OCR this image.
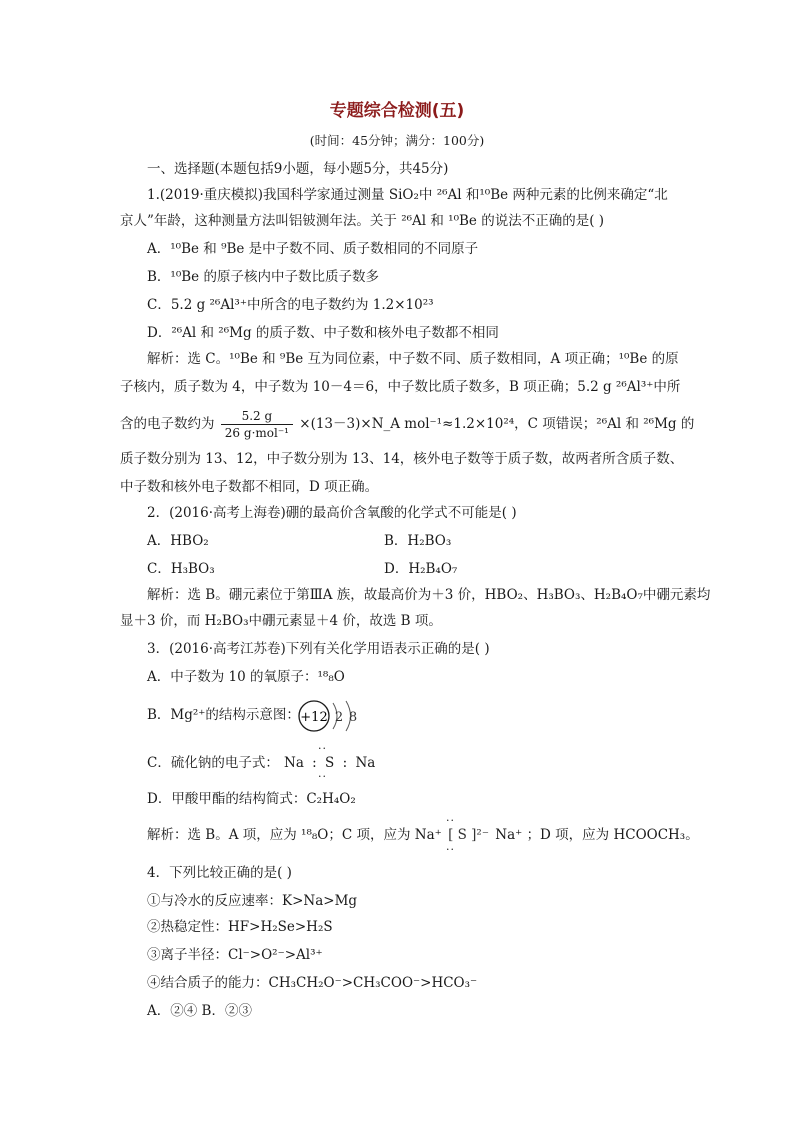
专题综合检测(五)
(时间：45分钟；满分：100分)
一、选择题(本题包括9小题，每小题5分，共45分)
1.(2019·重庆模拟)我国科学家通过测量 SiO₂中 ²⁶Al 和¹⁰Be 两种元素的比例来确定“北
京人”年龄，这种测量方法叫铝铍测年法。关于 ²⁶Al 和 ¹⁰Be 的说法不正确的是( )
A．¹⁰Be 和 ⁹Be 是中子数不同、质子数相同的不同原子
B．¹⁰Be 的原子核内中子数比质子数多
C．5.2 g ²⁶Al³⁺中所含的电子数约为 1.2×10²³
D．²⁶Al 和 ²⁶Mg 的质子数、中子数和核外电子数都不相同
解析：选 C。¹⁰Be 和 ⁹Be 互为同位素，中子数不同、质子数相同，A 项正确；¹⁰Be 的原
子核内，质子数为 4，中子数为 10－4＝6，中子数比质子数多，B 项正确；5.2 g ²⁶Al³⁺中所
含的电子数约为 $\frac{5.2 g}{\text{26 g·mol⁻¹}}$ ×(13－3)×N_A mol⁻¹≈1.2×10²⁴，C 项错误；²⁶Al 和 ²⁶Mg 的
质子数分别为 13、12，中子数分别为 13、14，核外电子数等于质子数，故两者所含质子数、
中子数和核外电子数都不相同，D 项正确。
2．(2016·高考上海卷)硼的最高价含氧酸的化学式不可能是( )
A．HBO₂	B．H₂BO₃
C．H₃BO₃	D．H₂B₄O₇
解析：选 B。硼元素位于第ⅢA 族，故最高价为＋3 价，HBO₂、H₃BO₃、H₂B₄O₇中硼元素均
显＋3 价，而 H₂BO₃中硼元素显＋4 价，故选 B 项。
3．(2016·高考江苏卷)下列有关化学用语表示正确的是( )
A．中子数为 10 的氧原子：¹⁸₈O
B．Mg²⁺的结构示意图： +12 2 8
C．硫化钠的电子式： Na : S : Na
··
··
D．甲酸甲酯的结构简式：C₂H₄O₂
解析：选 B。A 项，应为 ¹⁸₈O；C 项，应为 Na⁺ [ S ]²⁻ Na⁺ ；D 项，应为 HCOOCH₃。
··
··
4．下列比较正确的是( )
①与冷水的反应速率：K>Na>Mg
②热稳定性：HF>H₂Se>H₂S
③离子半径：Cl⁻>O²⁻>Al³⁺
④结合质子的能力：CH₃CH₂O⁻>CH₃COO⁻>HCO₃⁻
A．②④ B．②③
